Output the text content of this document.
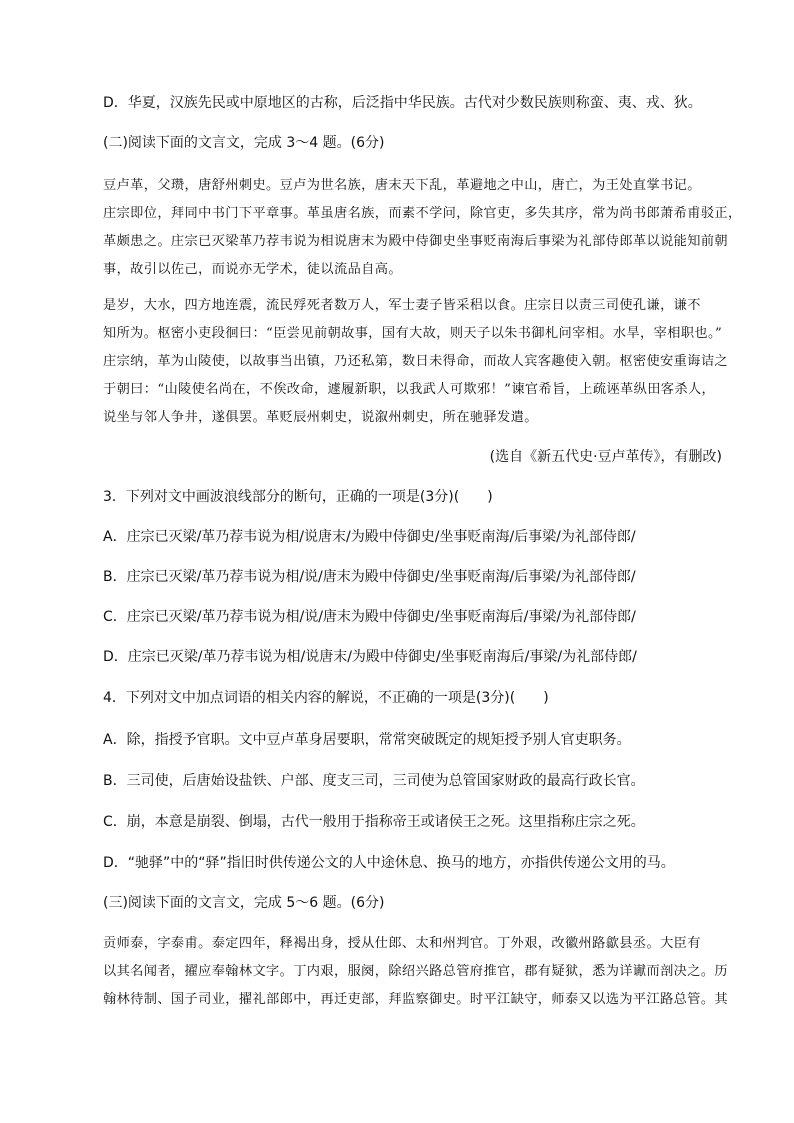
D．华夏，汉族先民或中原地区的古称，后泛指中华民族。古代对少数民族则称蛮、夷、戎、狄。
(二)阅读下面的文言文，完成 3～4 题。(6分)
豆卢革，父瓒，唐舒州刺史。豆卢为世名族，唐末天下乱，革避地之中山，唐亡，为王处直掌书记。
庄宗即位，拜同中书门下平章事。革虽唐名族，而素不学问，除官吏，多失其序，常为尚书郎萧希甫驳正，
革颇患之。庄宗已灭梁革乃荐韦说为相说唐末为殿中侍御史坐事贬南海后事梁为礼部侍郎革以说能知前朝
事，故引以佐己，而说亦无学术，徒以流品自高。
是岁，大水，四方地连震，流民殍死者数万人，军士妻子皆采稆以食。庄宗日以责三司使孔谦，谦不
知所为。枢密小吏段徊曰：“臣尝见前朝故事，国有大故，则天子以朱书御札问宰相。水旱，宰相职也。”
庄宗纳，革为山陵使，以故事当出镇，乃还私第，数日未得命，而故人宾客趣使入朝。枢密使安重诲诘之
于朝曰：“山陵使名尚在，不俟改命，遽履新职，以我武人可欺邪！”谏官希旨，上疏诬革纵田客杀人，
说坐与邻人争井，遂俱罢。革贬辰州刺史，说溆州刺史，所在驰驿发遣。
(选自《新五代史·豆卢革传》，有删改)
3．下列对文中画波浪线部分的断句，正确的一项是(3分)(　　)
A．庄宗已灭梁/革乃荐韦说为相/说唐末/为殿中侍御史/坐事贬南海/后事梁/为礼部侍郎/
B．庄宗已灭梁/革乃荐韦说为相/说/唐末为殿中侍御史/坐事贬南海/后事梁/为礼部侍郎/
C．庄宗已灭梁/革乃荐韦说为相/说/唐末为殿中侍御史/坐事贬南海后/事梁/为礼部侍郎/
D．庄宗已灭梁/革乃荐韦说为相/说唐末/为殿中侍御史/坐事贬南海后/事梁/为礼部侍郎/
4．下列对文中加点词语的相关内容的解说，不正确的一项是(3分)(　　)
A．除，指授予官职。文中豆卢革身居要职，常常突破既定的规矩授予别人官吏职务。
B．三司使，后唐始设盐铁、户部、度支三司，三司使为总管国家财政的最高行政长官。
C．崩，本意是崩裂、倒塌，古代一般用于指称帝王或诸侯王之死。这里指称庄宗之死。
D．“驰驿”中的“驿”指旧时供传递公文的人中途休息、换马的地方，亦指供传递公文用的马。
(三)阅读下面的文言文，完成 5～6 题。(6分)
贡师泰，字泰甫。泰定四年，释褐出身，授从仕郎、太和州判官。丁外艰，改徽州路歙县丞。大臣有
以其名闻者，擢应奉翰林文字。丁内艰，服阕，除绍兴路总管府推官，郡有疑狱，悉为详谳而剖决之。历
翰林待制、国子司业，擢礼部郎中，再迁吏部，拜监察御史。时平江缺守，师泰又以选为平江路总管。其
